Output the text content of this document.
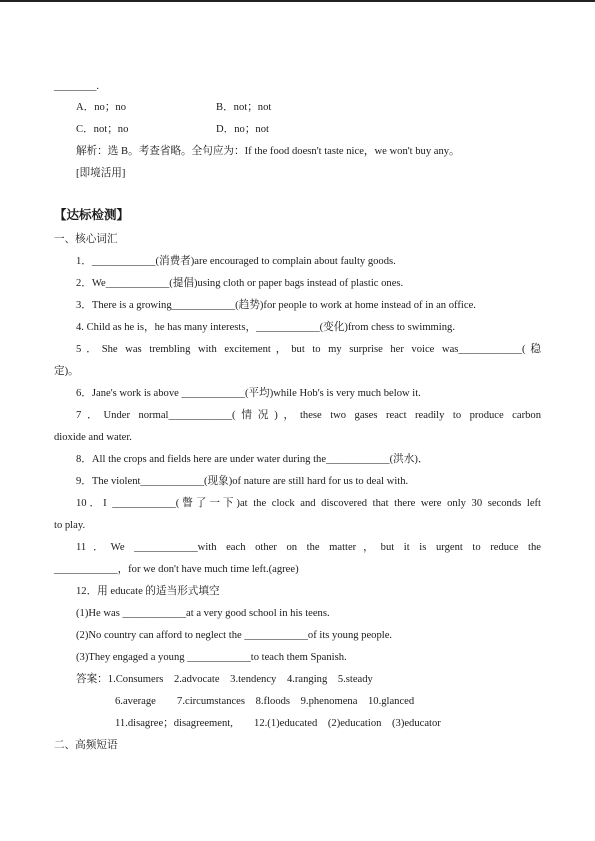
________.
A．no；no	B．not；not
C．not；no	D．no；not
解析：选 B。考查省略。全句应为：If the food doesn't taste nice，we won't buy any。
[即境活用]
【达标检测】
一、核心词汇
1．____________(消费者)are encouraged to complain about faulty goods.
2．We____________(提倡)using cloth or paper bags instead of plastic ones.
3．There is a growing____________(趋势)for people to work at home instead of in an office.
4. Child as he is，he has many interests，____________(变化)from chess to swimming.
5．She was trembling with excitement，but to my surprise her voice was____________(稳
定)。
6．Jane's work is above ____________(平均)while Hob's is very much below it.
7．Under normal____________(情况)，these two gases react readily to produce carbon
dioxide and water.
8．All the crops and fields here are under water during the____________(洪水)．
9．The violent____________(现象)of nature are still hard for us to deal with.
10．I ____________(瞥了一下)at the clock and discovered that there were only 30 seconds left
to play.
11．We ____________with each other on the matter，but it is urgent to reduce the
____________，for we don't have much time left.(agree)
12．用 educate 的适当形式填空
(1)He was ____________at a very good school in his teens.
(2)No country can afford to neglect the ____________of its young people.
(3)They engaged a young ____________to teach them Spanish.
答案：1.Consumers　2.advocate　3.tendency　4.ranging　5.steady
6.average　　7.circumstances　8.floods　9.phenomena　10.glanced
11.disagree；disagreement,　　12.(1)educated　(2)education　(3)educator
二、高频短语
